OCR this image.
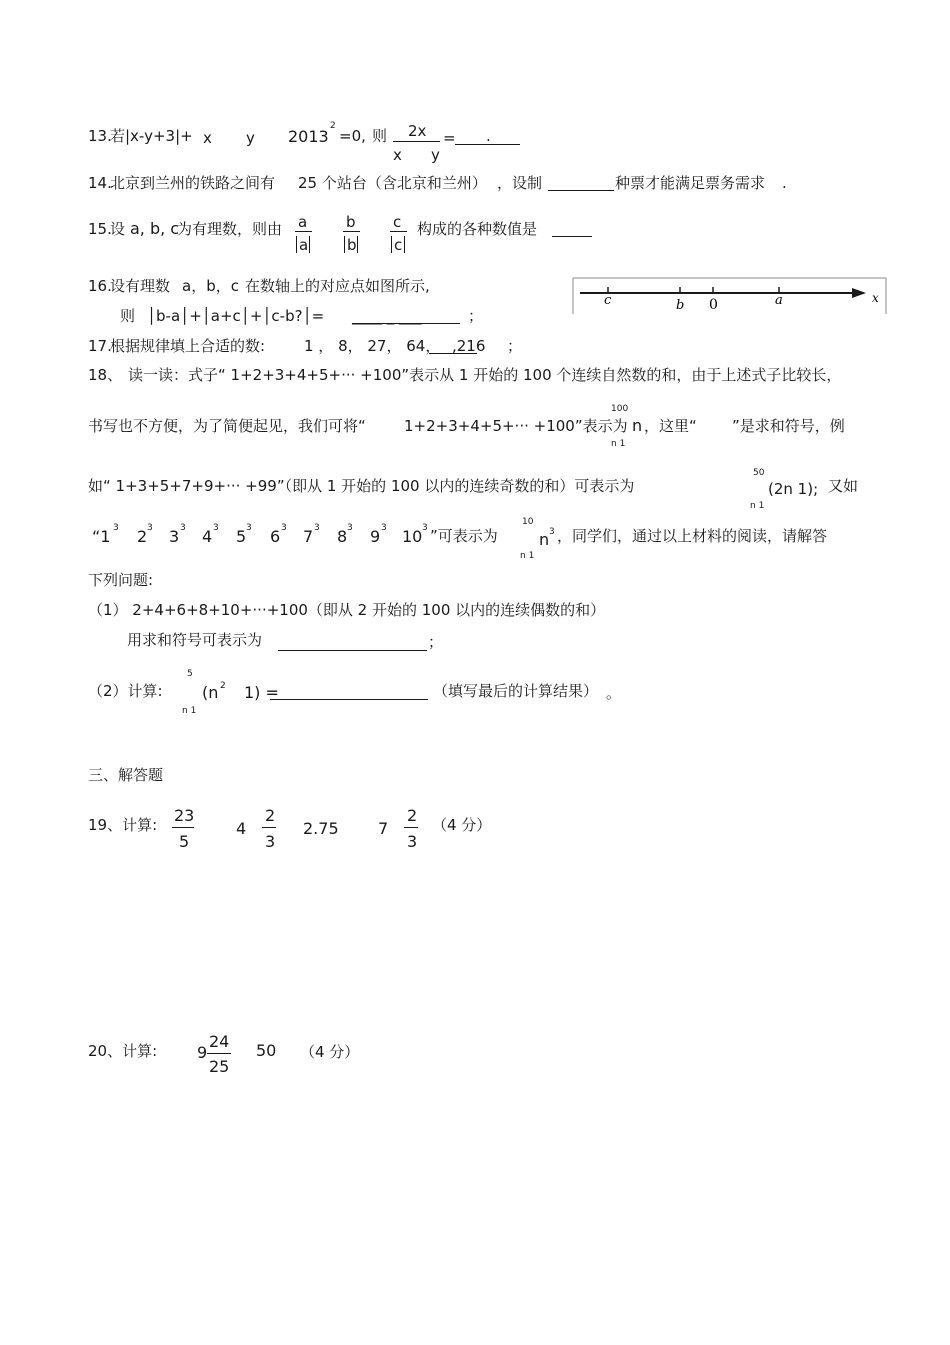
13.
若|x-y+3|+ x y 2013
2
=0, 则 2x
x y
= .
14.
北京到兰州的铁路之间有 25 个站台（含北京和兰州） ，设制	种票才能满足票务需求 .
15.
设 a, b, c
为有理数，则由 a
a
b
b
c
c
构成的各种数值是
16.
设有理数 a，b，c 在数轴上的对应点如图所示,
则 │b-a│+│a+c│+│c-b?│= ____ _ ___	；
c	b 0	a	x
17.
根据规律填上合适的数:	1 ， 8， 27， 64， ,216 ；
18、 读一读：式子“ 1+2+3+4+5+··· +100”表示从 1 开始的 100 个连续自然数的和，由于上述式子比较长，
书写也不方便，为了简便起见，我们可将“	1+2+3+4+5+··· +100”表示为
100
n
n 1
，这里“ ”是求和符号，例
如“ 1+3+5+7+9+··· +99”（即从 1 开始的 100 以内的连续奇数的和）可表示为
50
(2n 1);
n 1
又如
“1 3 2 3 3 3 4 3 5 3 6 3 7 3 8 3 9 3 10 3 ”可表示为
10
n 3
n 1
，同学们，通过以上材料的阅读，请解答
下列问题:
（1） 2+4+6+8+10+···+100（即从 2 开始的 100 以内的连续偶数的和）
用求和符号可表示为	；
（2）计算:
5
(n 2 1) =
n 1
（填写最后的计算结果） 。
三、解答题
19、计算: 23
5
4
2
3
2.75 7
2
3
（4 分）
20、计算: 9
24
25
50 （4 分）
